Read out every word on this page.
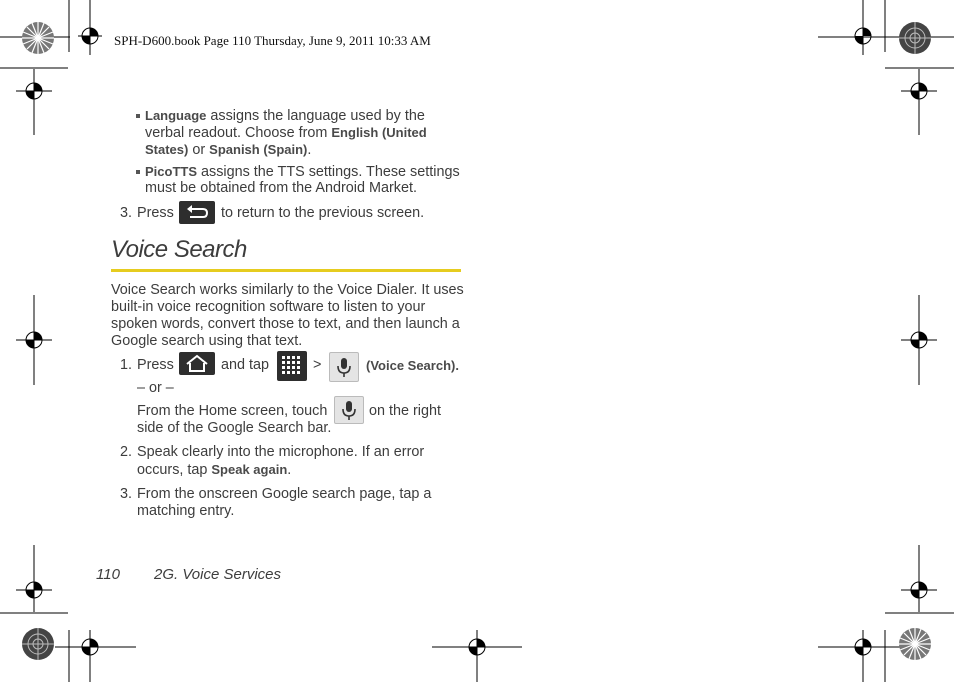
SPH-D600.book Page 110 Thursday, June 9, 2011 10:33 AM
Language assigns the language used by the
verbal readout. Choose from English (United
States) or Spanish (Spain).
PicoTTS assigns the TTS settings. These settings
must be obtained from the Android Market.
3. Press	to return to the previous screen.
Voice Search
Voice Search works similarly to the Voice Dialer. It uses
built-in voice recognition software to listen to your
spoken words, convert those to text, and then launch a
Google search using that text.
1. Press	and tap	>	(Voice Search).
– or –
From the Home screen, touch	on the right
side of the Google Search bar.
2. Speak clearly into the microphone. If an error
occurs, tap Speak again.
3. From the onscreen Google search page, tap a
matching entry.
110 2G. Voice Services
